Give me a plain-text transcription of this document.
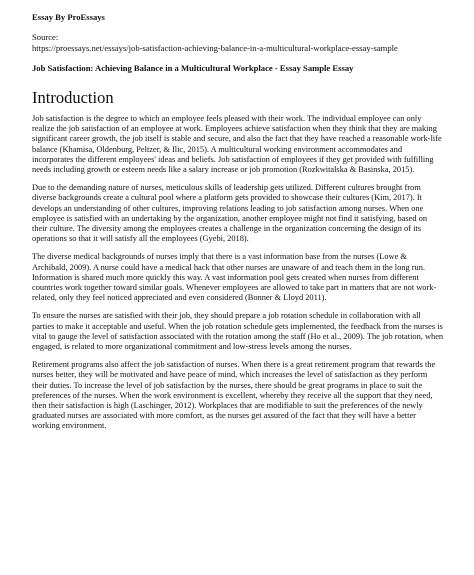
Essay By ProEssays
Source:
https://proessays.net/essays/job-satisfaction-achieving-balance-in-a-multicultural-workplace-essay-sample
Job Satisfaction: Achieving Balance in a Multicultural Workplace - Essay Sample Essay
Introduction

Job satisfaction is the degree to which an employee feels pleased with their work. The individual employee can only realize the job satisfaction of an employee at work. Employees achieve satisfaction when they think that they are making significant career growth, the job itself is stable and secure, and also the fact that they have reached a reasonable work-life balance (Khamisa, Oldenburg, Peltzer, & Ilic, 2015). A multicultural working environment accommodates and incorporates the different employees' ideas and beliefs. Job satisfaction of employees if they get provided with fulfilling needs including growth or esteem needs like a salary increase or job promotion (Rozkwitalska & Basinska, 2015).

Due to the demanding nature of nurses, meticulous skills of leadership gets utilized. Different cultures brought from diverse backgrounds create a cultural pool where a platform gets provided to showcase their cultures (Kim, 2017). It develops an understanding of other cultures, improving relations leading to job satisfaction among nurses. When one employee is satisfied with an undertaking by the organization, another employee might not find it satisfying, based on their culture. The diversity among the employees creates a challenge in the organization concerning the design of its operations so that it will satisfy all the employees (Gyebi, 2018).

The diverse medical backgrounds of nurses imply that there is a vast information base from the nurses (Lowe & Archibald, 2009). A nurse could have a medical hack that other nurses are unaware of and teach them in the long run. Information is shared much more quickly this way. A vast information pool gets created when nurses from different countries work together toward similar goals. Whenever employees are allowed to take part in matters that are not work-related, only they feel noticed appreciated and even considered (Bonner & Lloyd 2011).

To ensure the nurses are satisfied with their job, they should prepare a job rotation schedule in collaboration with all parties to make it acceptable and useful. When the job rotation schedule gets implemented, the feedback from the nurses is vital to gauge the level of satisfaction associated with the rotation among the staff (Ho et al., 2009). The job rotation, when engaged, is related to more organizational commitment and low-stress levels among the nurses.

Retirement programs also affect the job satisfaction of nurses. When there is a great retirement program that rewards the nurses better, they will be motivated and have peace of mind, which increases the level of satisfaction as they perform their duties. To increase the level of job satisfaction by the nurses, there should be great programs in place to suit the preferences of the nurses. When the work environment is excellent, whereby they receive all the support that they need, then their satisfaction is high (Laschinger, 2012). Workplaces that are modifiable to suit the preferences of the newly graduated nurses are associated with more comfort, as the nurses get assured of the fact that they will have a better working environment.
